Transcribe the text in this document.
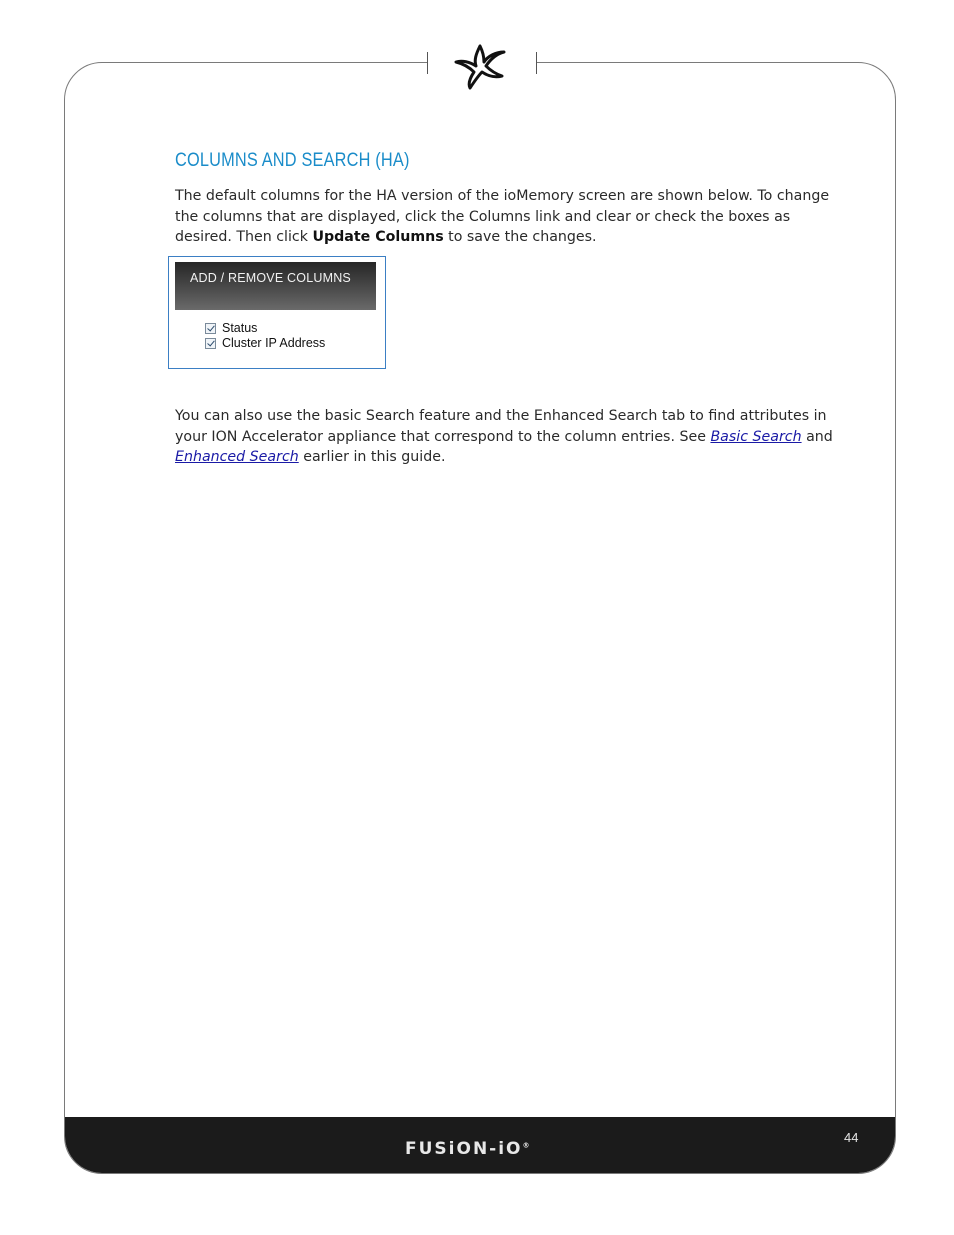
COLUMNS AND SEARCH (HA)

The default columns for the HA version of the ioMemory screen are shown below. To change the columns that are displayed, click the Columns link and clear or check the boxes as desired. Then click Update Columns to save the changes.

ADD / REMOVE COLUMNS
Status
Cluster IP Address

You can also use the basic Search feature and the Enhanced Search tab to find attributes in your ION Accelerator appliance that correspond to the column entries. See Basic Search and Enhanced Search earlier in this guide.

FUSiON-iO®
44
